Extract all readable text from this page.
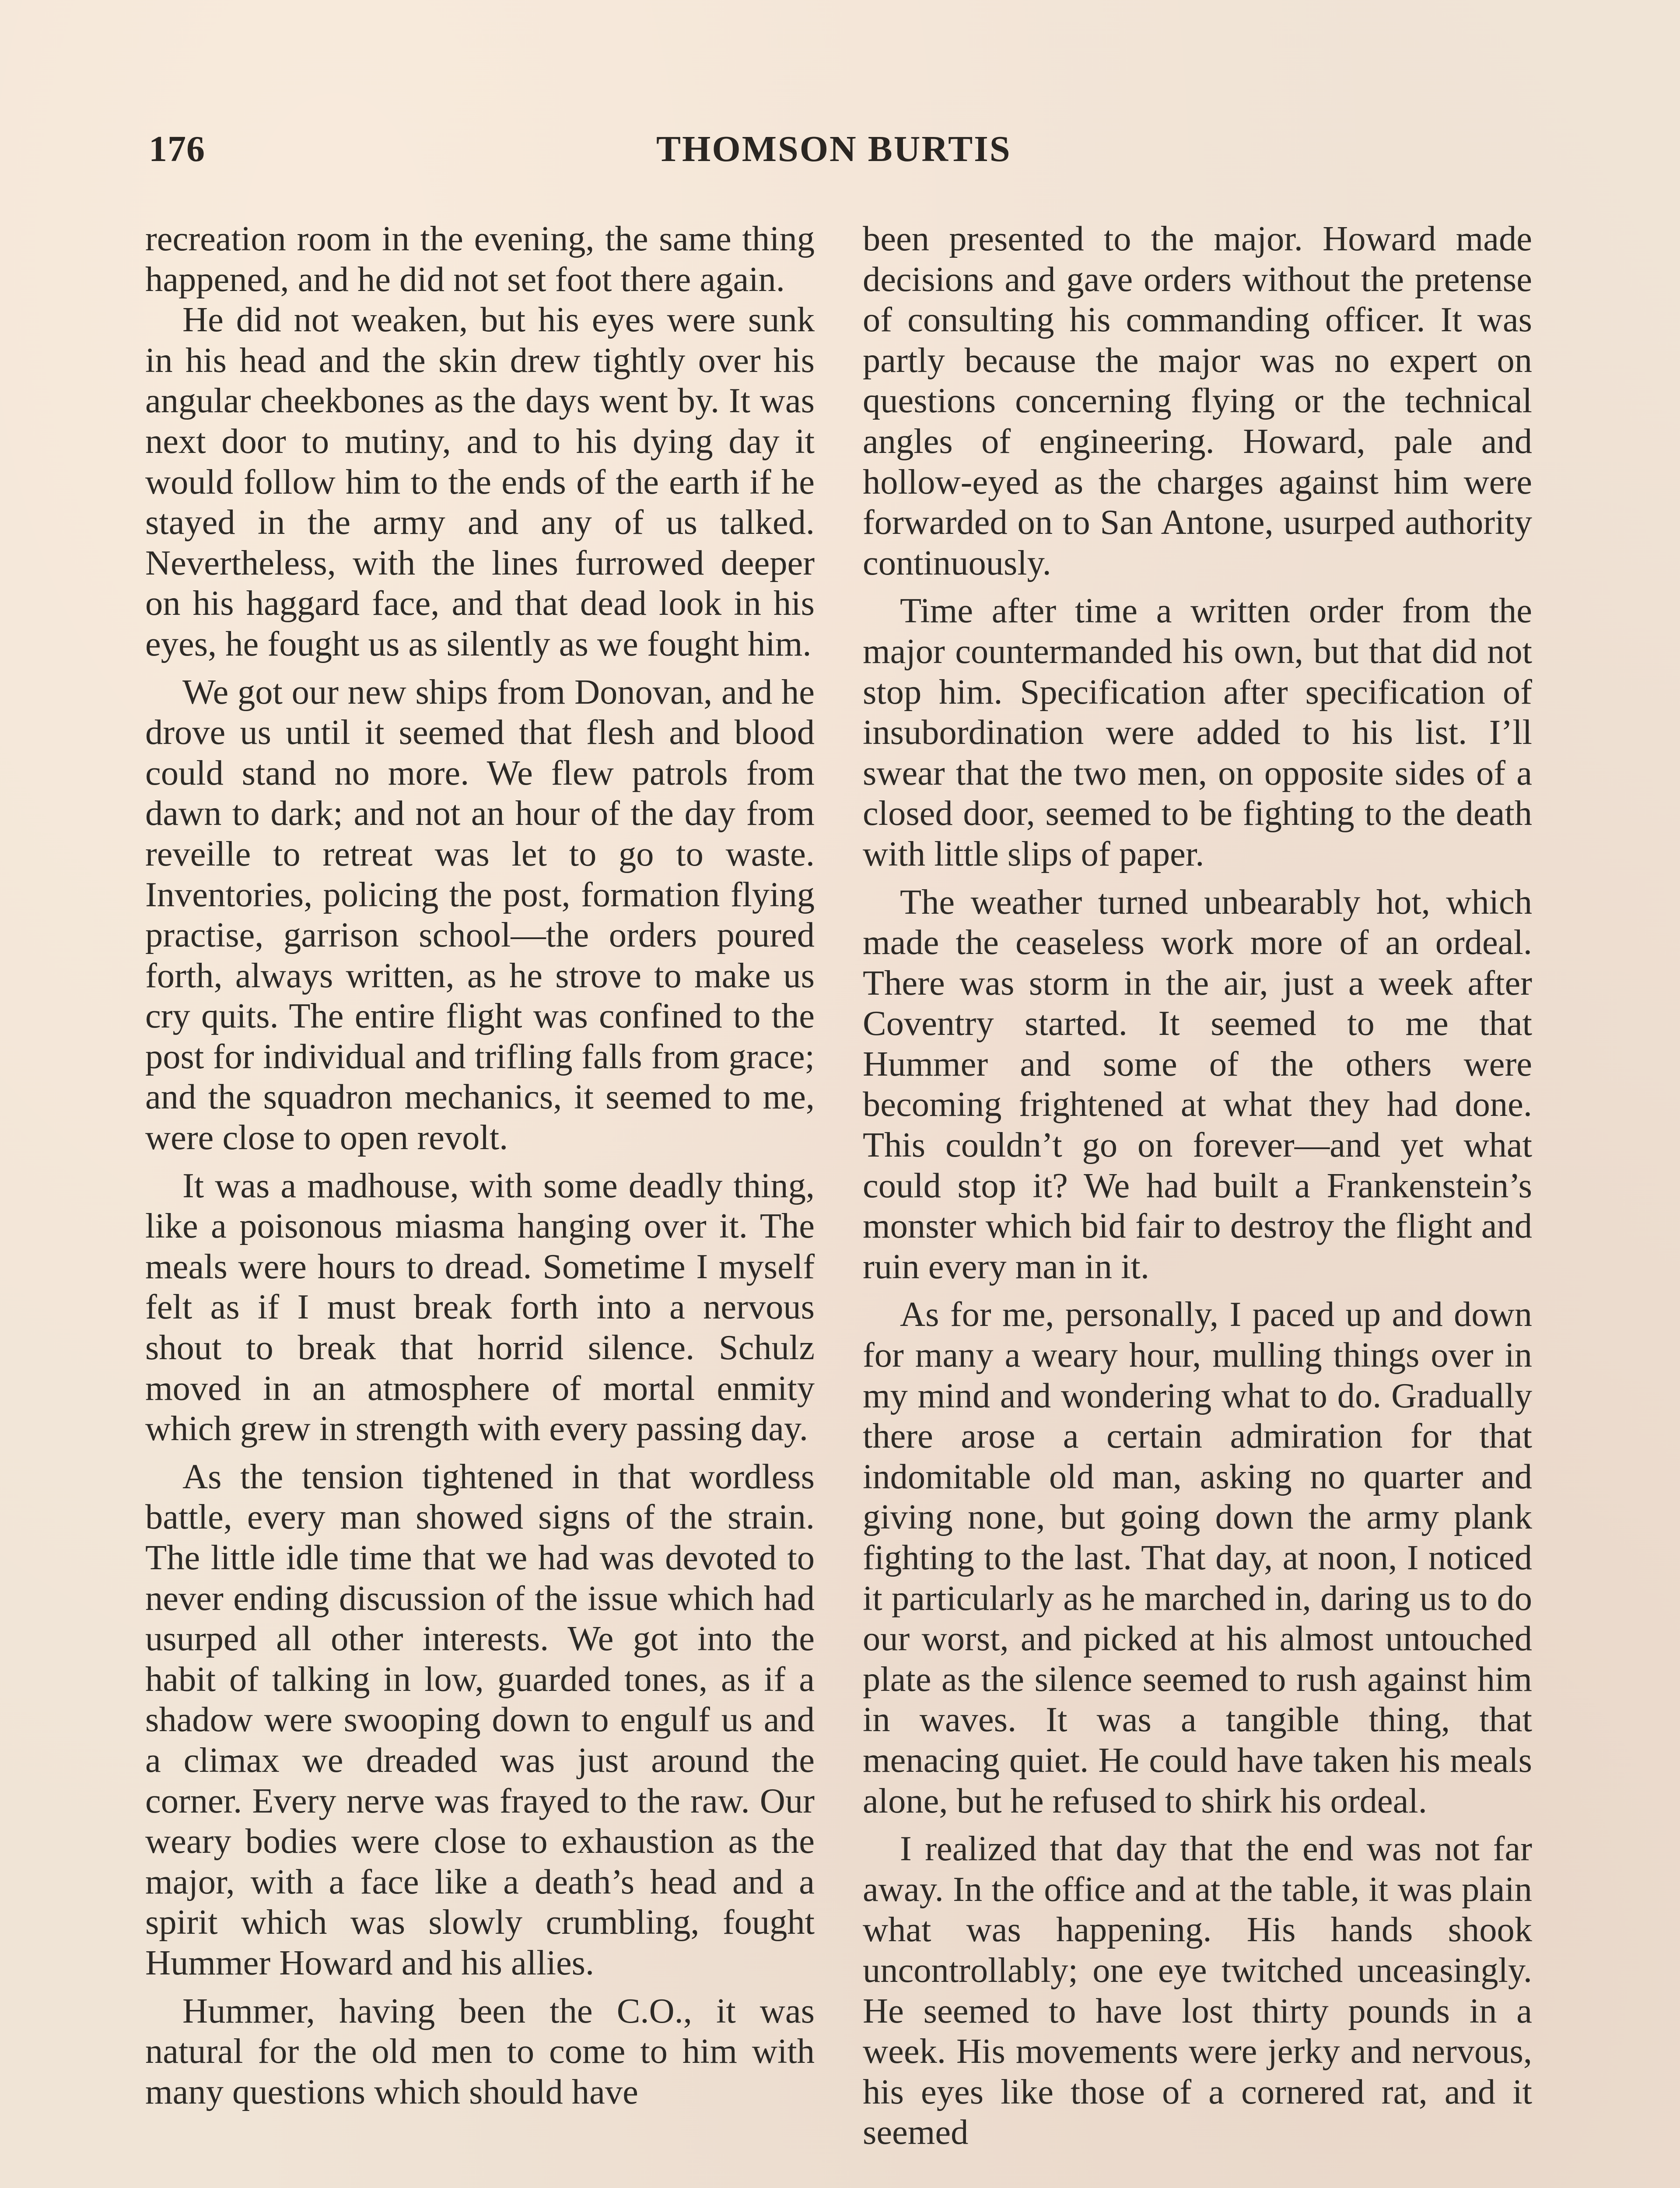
176	THOMSON BURTIS

recreation room in the evening, the same thing happened, and he did not set foot there again.

He did not weaken, but his eyes were sunk in his head and the skin drew tightly over his angular cheekbones as the days went by. It was next door to mutiny, and to his dying day it would follow him to the ends of the earth if he stayed in the army and any of us talked. Nevertheless, with the lines furrowed deeper on his haggard face, and that dead look in his eyes, he fought us as silently as we fought him.

We got our new ships from Donovan, and he drove us until it seemed that flesh and blood could stand no more. We flew patrols from dawn to dark; and not an hour of the day from reveille to retreat was let to go to waste. Inventories, policing the post, formation flying practise, garrison school—the orders poured forth, always written, as he strove to make us cry quits. The entire flight was confined to the post for individual and trifling falls from grace; and the squadron mechanics, it seemed to me, were close to open revolt.

It was a madhouse, with some deadly thing, like a poisonous miasma hanging over it. The meals were hours to dread. Sometime I myself felt as if I must break forth into a nervous shout to break that horrid silence. Schulz moved in an atmosphere of mortal enmity which grew in strength with every passing day.

As the tension tightened in that wordless battle, every man showed signs of the strain. The little idle time that we had was devoted to never ending discussion of the issue which had usurped all other interests. We got into the habit of talking in low, guarded tones, as if a shadow were swooping down to engulf us and a climax we dreaded was just around the corner. Every nerve was frayed to the raw. Our weary bodies were close to exhaustion as the major, with a face like a death’s head and a spirit which was slowly crumbling, fought Hummer Howard and his allies.

Hummer, having been the C.O., it was natural for the old men to come to him with many questions which should have

been presented to the major. Howard made decisions and gave orders without the pretense of consulting his commanding officer. It was partly because the major was no expert on questions concerning flying or the technical angles of engineering. Howard, pale and hollow-eyed as the charges against him were forwarded on to San Antone, usurped authority continuously.

Time after time a written order from the major countermanded his own, but that did not stop him. Specification after specification of insubordination were added to his list. I’ll swear that the two men, on opposite sides of a closed door, seemed to be fighting to the death with little slips of paper.

The weather turned unbearably hot, which made the ceaseless work more of an ordeal. There was storm in the air, just a week after Coventry started. It seemed to me that Hummer and some of the others were becoming frightened at what they had done. This couldn’t go on forever—and yet what could stop it? We had built a Frankenstein’s monster which bid fair to destroy the flight and ruin every man in it.

As for me, personally, I paced up and down for many a weary hour, mulling things over in my mind and wondering what to do. Gradually there arose a certain admiration for that indomitable old man, asking no quarter and giving none, but going down the army plank fighting to the last. That day, at noon, I noticed it particularly as he marched in, daring us to do our worst, and picked at his almost untouched plate as the silence seemed to rush against him in waves. It was a tangible thing, that menacing quiet. He could have taken his meals alone, but he refused to shirk his ordeal.

I realized that day that the end was not far away. In the office and at the table, it was plain what was happening. His hands shook uncontrollably; one eye twitched unceasingly. He seemed to have lost thirty pounds in a week. His movements were jerky and nervous, his eyes like those of a cornered rat, and it seemed
